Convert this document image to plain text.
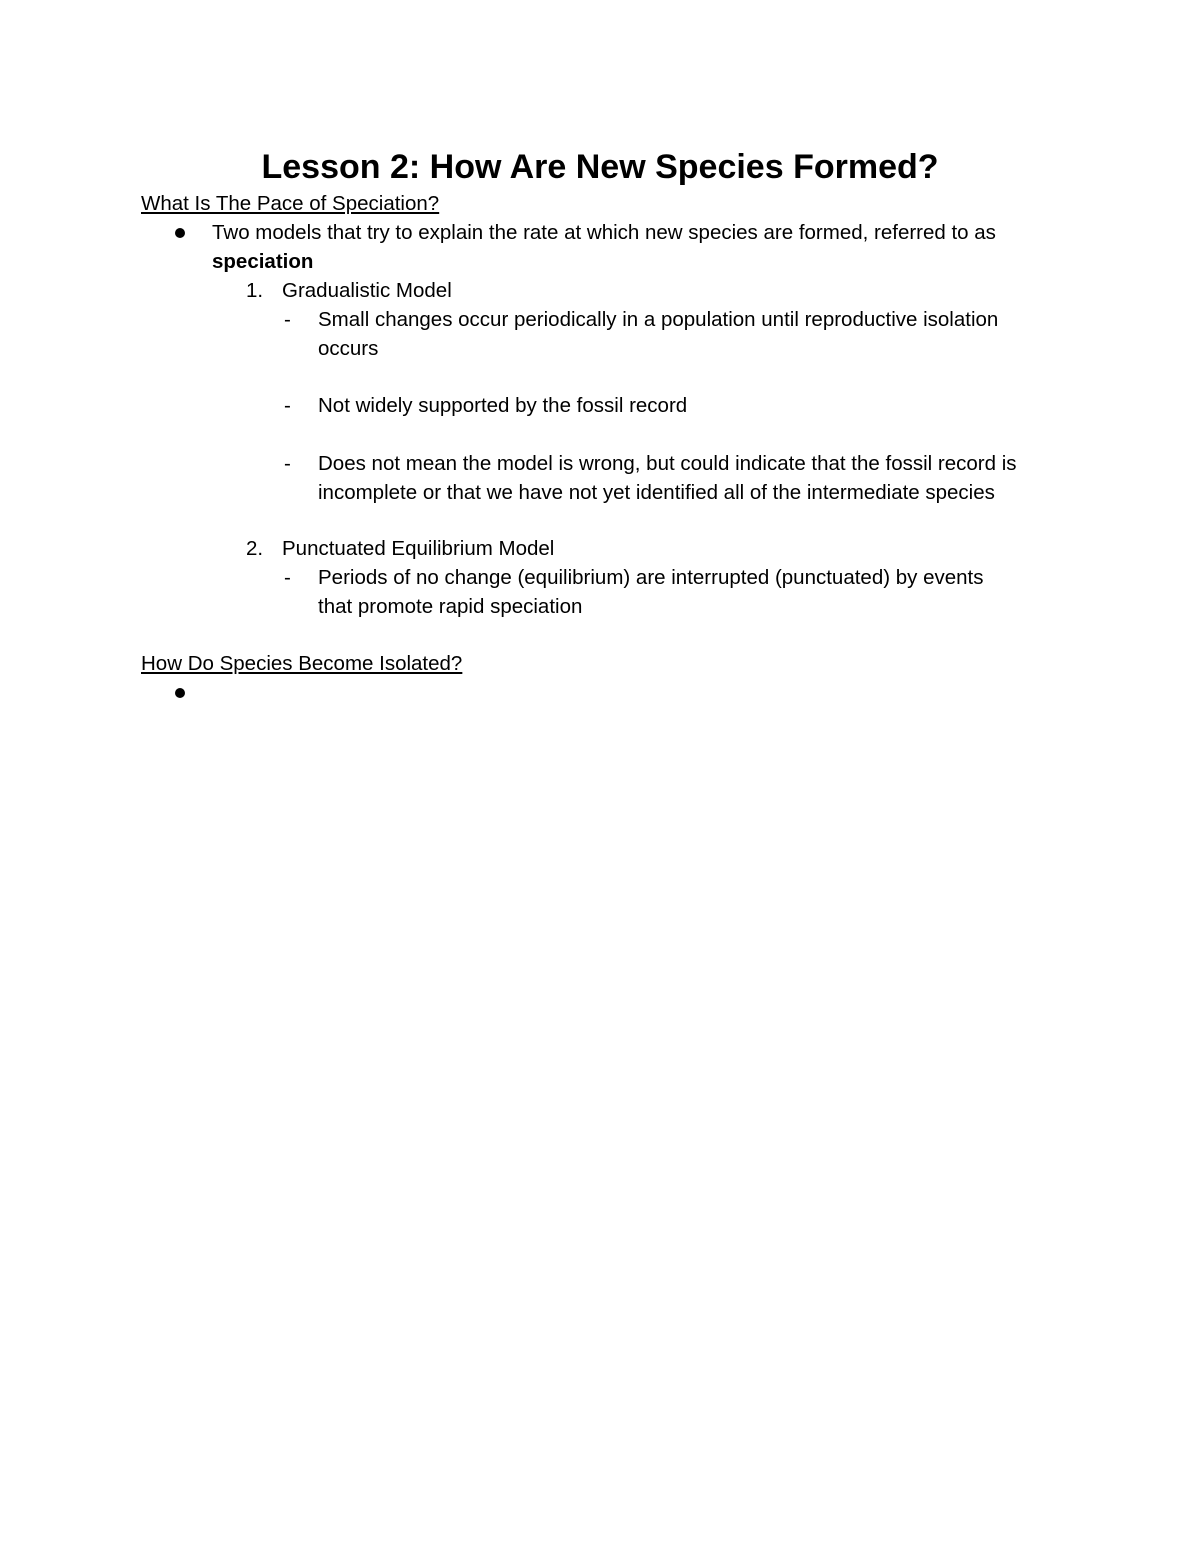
Lesson 2: How Are New Species Formed?
What Is The Pace of Speciation?
Two models that try to explain the rate at which new species are formed, referred to as
speciation
1. Gradualistic Model
- Small changes occur periodically in a population until reproductive isolation
occurs
- Not widely supported by the fossil record
- Does not mean the model is wrong, but could indicate that the fossil record is
incomplete or that we have not yet identified all of the intermediate species
2. Punctuated Equilibrium Model
- Periods of no change (equilibrium) are interrupted (punctuated) by events
that promote rapid speciation
How Do Species Become Isolated?
